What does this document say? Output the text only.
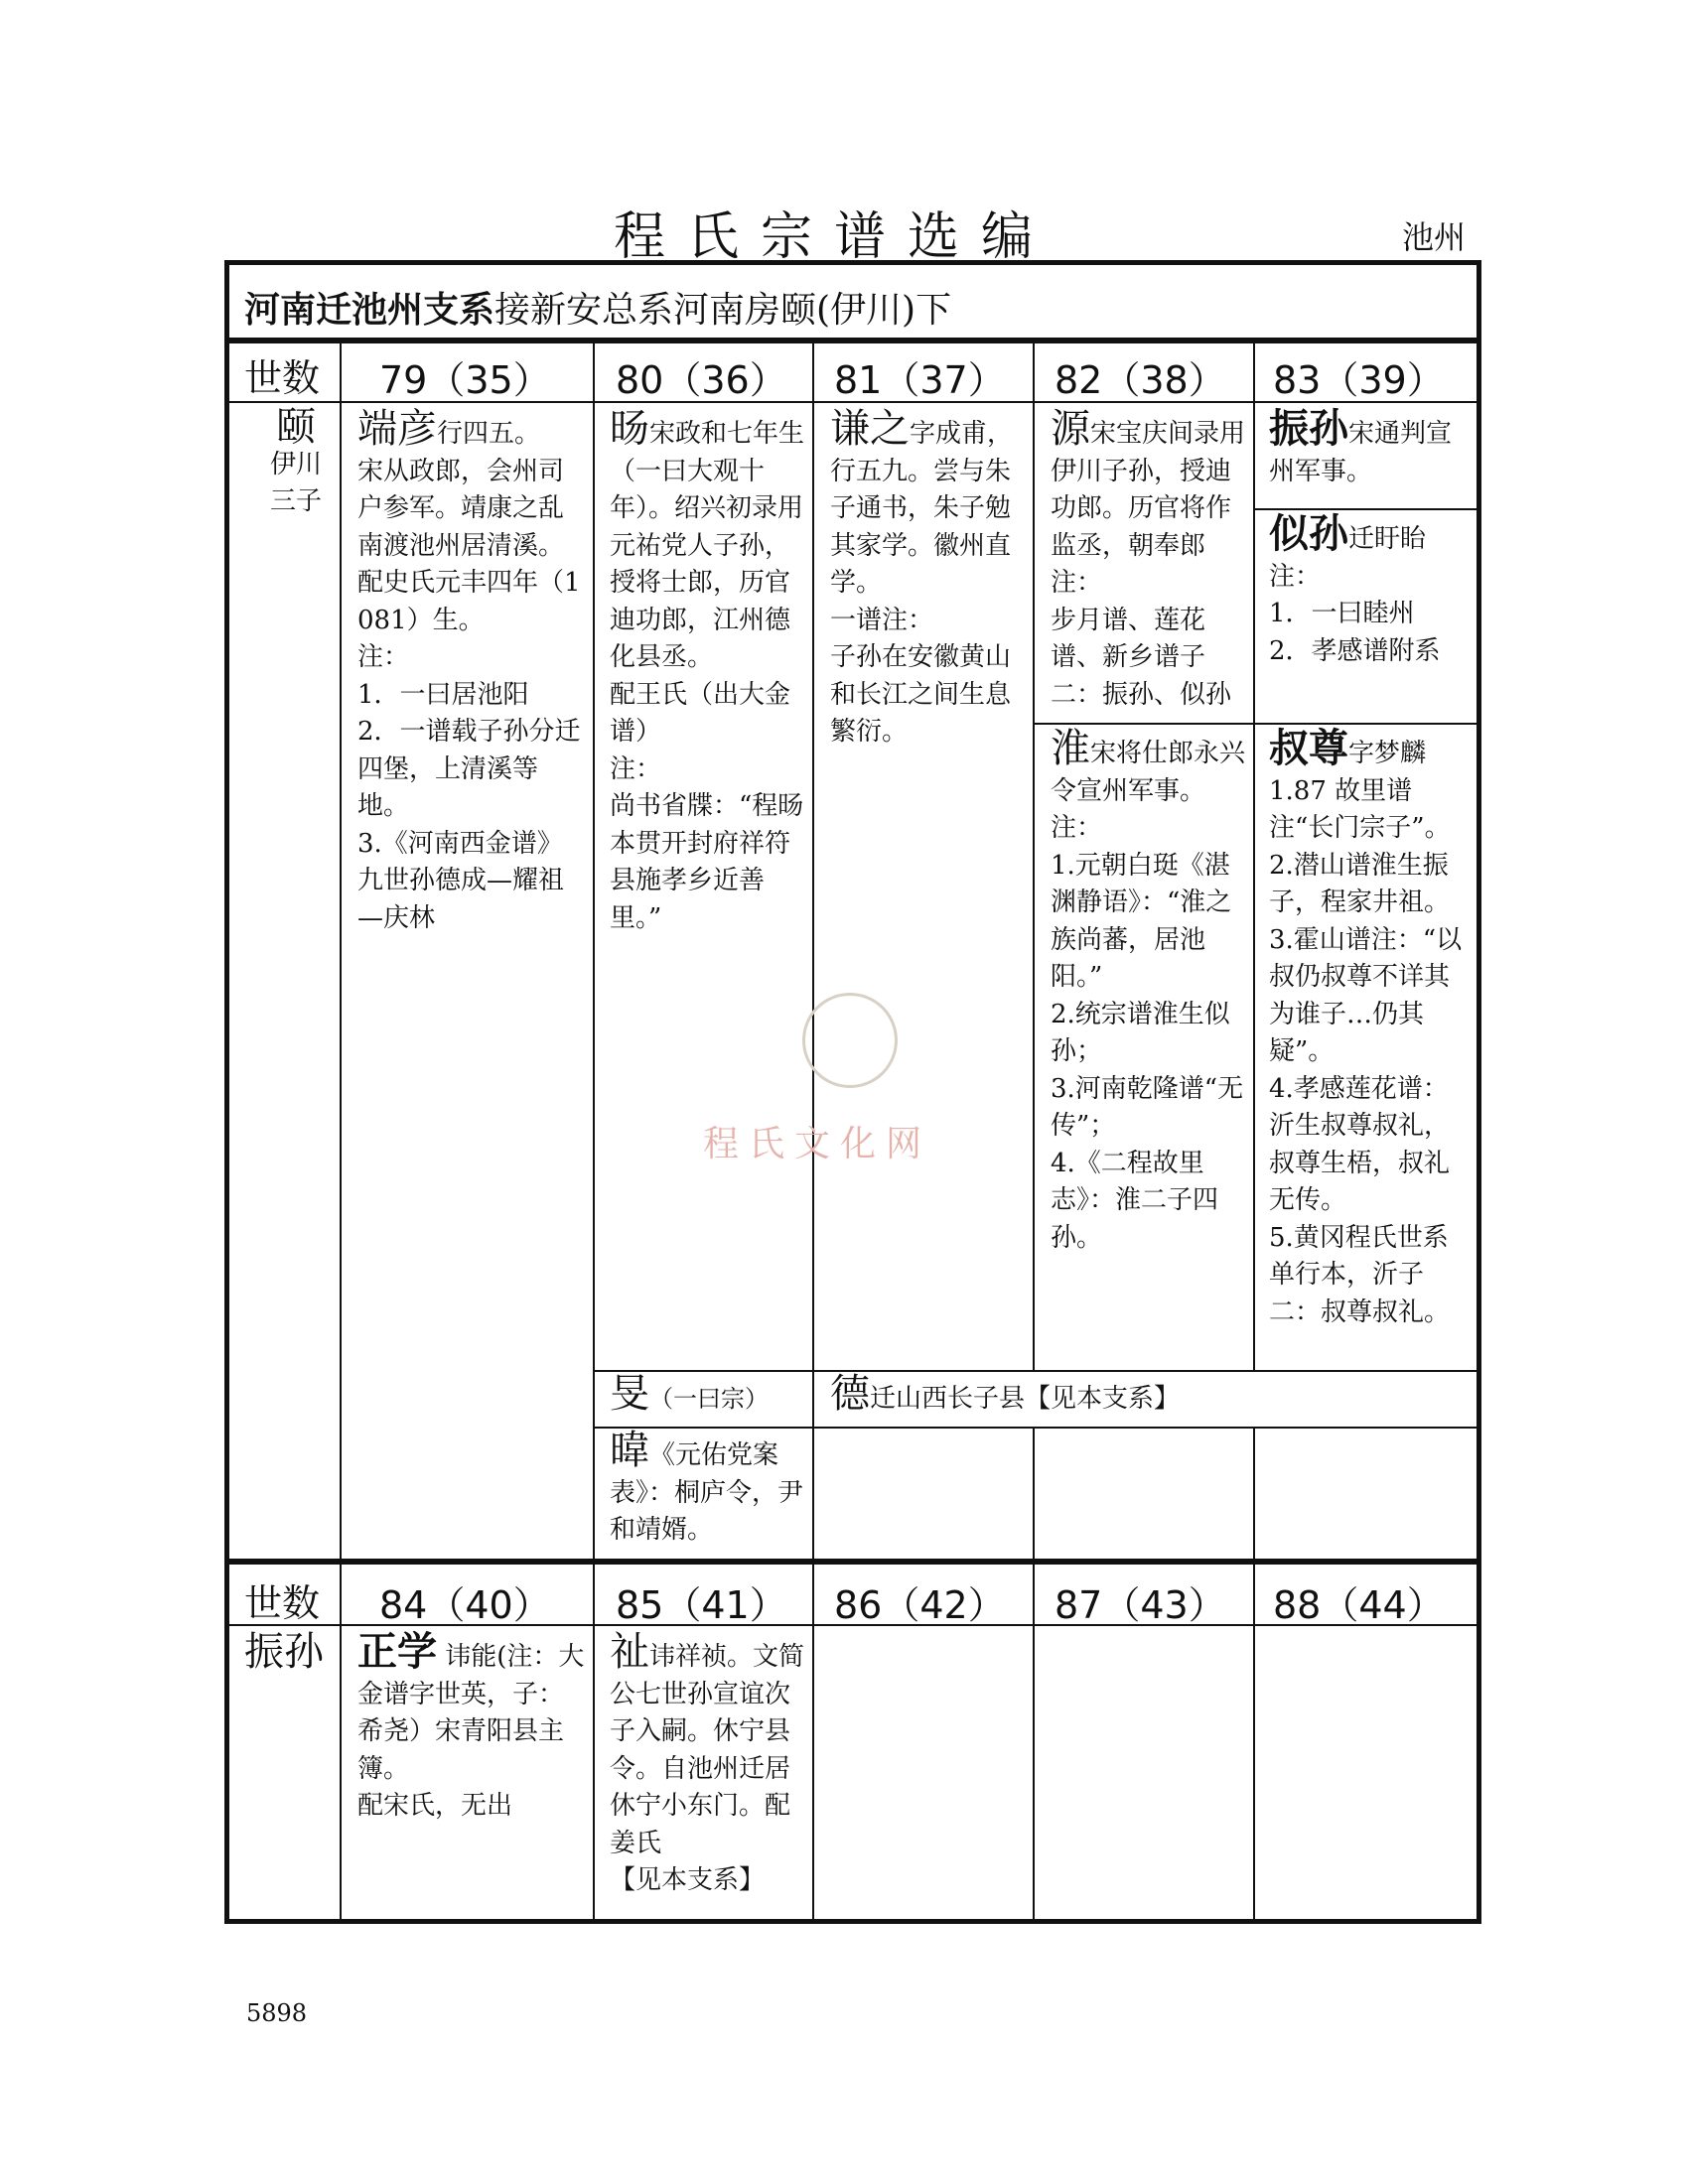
程氏宗谱选编	池州
河南迁池州支系接新安总系河南房颐(伊川)下
世数 79（35） 80（36） 81（37） 82（38） 83（39）

颐

伊川

三子

端彦行四五。

宋从政郎，会州司户参军。靖康之乱南渡池州居清溪。配史氏元丰四年（1081）生。

注：

1．一曰居池阳

2．一谱载子孙分迁四堡，上清溪等地。

3.《河南西金谱》九世孙德成—耀祖—庆林

旸宋政和七年生（一曰大观十年）。绍兴初录用元祐党人子孙，授将士郎，历官迪功郎，江州德化县丞。

配王氏（出大金谱）

注：

尚书省牒：“程旸本贯开封府祥符县施孝乡近善里。”

谦之字成甫，行五九。尝与朱子通书，朱子勉其家学。徽州直学。

一谱注：

子孙在安徽黄山和长江之间生息繁衍。

源宋宝庆间录用伊川子孙，授迪功郎。历官将作监丞，朝奉郎

注：

步月谱、莲花谱、新乡谱子二：振孙、似孙

淮宋将仕郎永兴令宣州军事。

注：

1.元朝白珽《湛渊静语》：“淮之族尚蕃，居池阳。”

2.统宗谱淮生似孙；

3.河南乾隆谱“无传”；

4.《二程故里志》：淮二子四孙。

振孙宋通判宣州军事。

似孙迁盱眙

注：

1．一曰睦州

2．孝感谱附系

叔尊字梦麟

1.87 故里谱注“长门宗子”。

2.潜山谱淮生振子，程家井祖。

3.霍山谱注：“以叔仍叔尊不详其为谁子…仍其疑”。

4.孝感莲花谱：沂生叔尊叔礼，叔尊生梧，叔礼无传。

5.黄冈程氏世系单行本，沂子二：叔尊叔礼。

旻（一曰宗）	德迁山西长子县【见本支系】

暐《元佑党案表》：桐庐令，尹和靖婿。

世数 84（40） 85（41） 86（42） 87（43） 88（44）

振孙 正学 讳能(注：大金谱字世英，子：希尧）宋青阳县主簿。

配宋氏，无出

祉讳祥祯。文简公七世孙宣谊次子入嗣。休宁县令。自池州迁居休宁小东门。配姜氏

【见本支系】

程氏文化网
5898
